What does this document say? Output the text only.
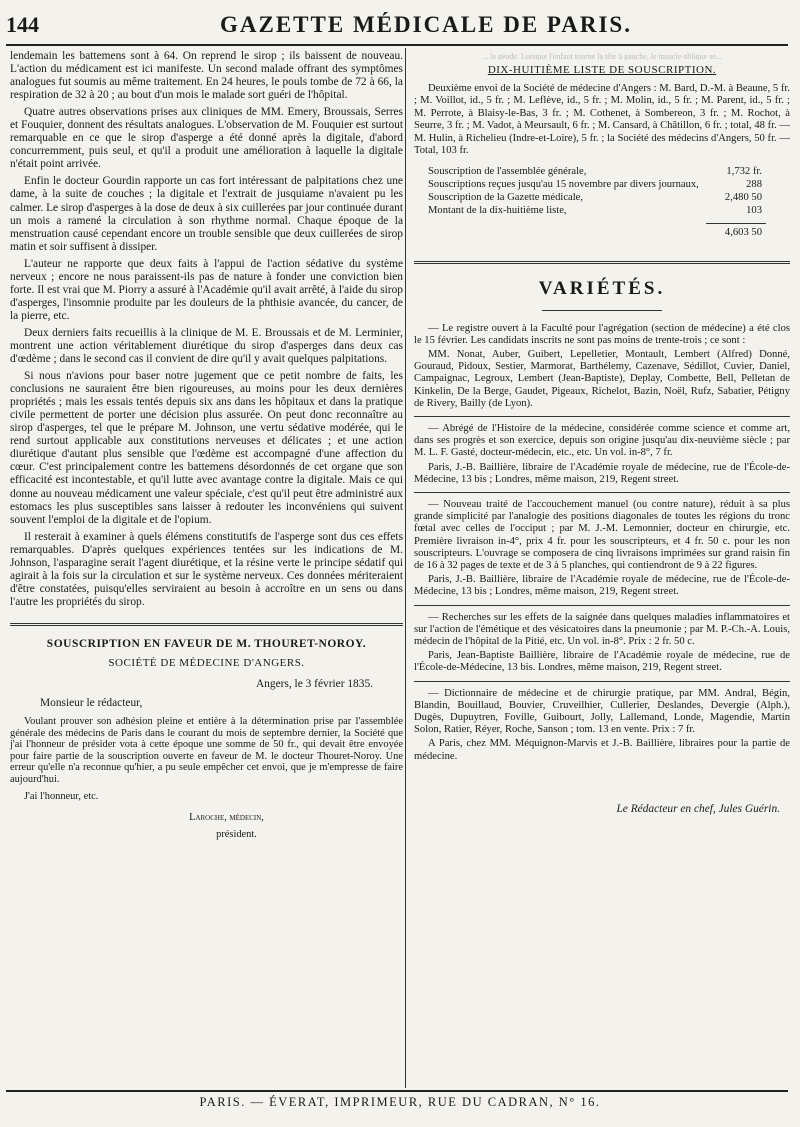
144	GAZETTE MÉDICALE DE PARIS.

lendemain les battemens sont à 64. On reprend le sirop ; ils baissent de nouveau. L'action du médicament est ici manifeste. Un second malade offrant des symptômes analogues fut soumis au même traitement. En 24 heures, le pouls tombe de 72 à 66, la respiration de 32 à 20 ; au bout d'un mois le malade sort guéri de l'hôpital.

Quatre autres observations prises aux cliniques de MM. Emery, Broussais, Serres et Fouquier, donnent des résultats analogues. L'observation de M. Fouquier est surtout remarquable en ce que le sirop d'asperge a été donné après la digitale, d'abord concurremment, puis seul, et qu'il a produit une amélioration à laquelle la digitale n'était point arrivée.

Enfin le docteur Gourdin rapporte un cas fort intéressant de palpitations chez une dame, à la suite de couches ; la digitale et l'extrait de jusquiame n'avaient pu les calmer. Le sirop d'asperges à la dose de deux à six cuillerées par jour continuée durant un mois a ramené la circulation à son rhythme normal. Chaque époque de la menstruation causé cependant encore un trouble sensible que deux cuillerées de sirop matin et soir suffisent à dissiper.

L'auteur ne rapporte que deux faits à l'appui de l'action sédative du système nerveux ; encore ne nous paraissent-ils pas de nature à fonder une conviction bien forte. Il est vrai que M. Piorry a assuré à l'Académie qu'il avait arrêté, à l'aide du sirop d'asperges, l'insomnie produite par les douleurs de la phthisie avancée, du cancer, de la pierre, etc.

Deux derniers faits recueillis à la clinique de M. E. Broussais et de M. Lerminier, montrent une action véritablement diurétique du sirop d'asperges dans deux cas d'œdème ; dans le second cas il convient de dire qu'il y avait quelques palpitations.

Si nous n'avions pour baser notre jugement que ce petit nombre de faits, les conclusions ne sauraient être bien rigoureuses, au moins pour les deux dernières propriétés ; mais les essais tentés depuis six ans dans les hôpitaux et dans la pratique civile permettent de porter une décision plus assurée. On peut donc reconnaître au sirop d'asperges, tel que le prépare M. Johnson, une vertu sédative modérée, qui le rend surtout applicable aux constitutions nerveuses et délicates ; et une action diurétique d'autant plus sensible que l'œdème est accompagné d'une affection du cœur. C'est principalement contre les battemens désordonnés de cet organe que son efficacité est incontestable, et qu'il lutte avec avantage contre la digitale. Mais ce qui donne au nouveau médicament une valeur spéciale, c'est qu'il peut être administré aux estomacs les plus susceptibles sans laisser à redouter les inconvéniens qui suivent souvent l'emploi de la digitale et de l'opium.

Il resterait à examiner à quels élémens constitutifs de l'asperge sont dus ces effets remarquables. D'après quelques expériences tentées sur les indications de M. Johnson, l'asparagine serait l'agent diurétique, et la résine verte le principe sédatif qui agirait à la fois sur la circulation et sur le système nerveux. Ces données mériteraient d'être constatées, puisqu'elles serviraient au besoin à accroître en un sens ou dans l'autre les propriétés du sirop.

SOUSCRIPTION EN FAVEUR DE M. THOURET-NOROY.

SOCIÉTÉ DE MÉDECINE D'ANGERS.

Angers, le 3 février 1835.

Monsieur le rédacteur,

Voulant prouver son adhésion pleine et entière à la détermination prise par l'assemblée générale des médecins de Paris dans le courant du mois de septembre dernier, la Société que j'ai l'honneur de présider vota à cette époque une somme de 50 fr., qui devait être envoyée pour faire partie de la souscription ouverte en faveur de M. le docteur Thouret-Noroy. Une erreur qu'elle n'a reconnue qu'hier, a pu seule empêcher cet envoi, que je m'empresse de faire aujourd'hui.

J'ai l'honneur, etc.

Laroche, médecin,

président.

... la géode. Lorsque l'enfant tourne la tête à gauche, le muscle oblique se...

DIX-HUITIÈME LISTE DE SOUSCRIPTION.

Deuxième envoi de la Société de médecine d'Angers : M. Bard, D.-M. à Beaune, 5 fr. ; M. Voillot, id., 5 fr. ; M. Leflève, id., 5 fr. ; M. Molin, id., 5 fr. ; M. Parent, id., 5 fr. ; M. Perrote, à Blaisy-le-Bas, 3 fr. ; M. Cothenet, à Sombereon, 3 fr. ; M. Rochot, à Seurre, 3 fr. ; M. Vadot, à Meursault, 6 fr. ; M. Cansard, à Châtillon, 6 fr. ; total, 48 fr. — M. Hulin, à Richelieu (Indre-et-Loire), 5 fr. ; la Société des médecins d'Angers, 50 fr. — Total, 103 fr.

Souscription de l'assemblée générale,	1,732 fr.
Souscriptions reçues jusqu'au 15 novembre par divers journaux,	288
Souscription de la Gazette médicale,	2,480 50
Montant de la dix-huitième liste,	103
4,603 50
VARIÉTÉS.

— Le registre ouvert à la Faculté pour l'agrégation (section de médecine) a été clos le 15 février. Les candidats inscrits ne sont pas moins de trente-trois ; ce sont :

MM. Nonat, Auber, Guibert, Lepelletier, Montault, Lembert (Alfred) Donné, Gouraud, Pidoux, Sestier, Marmorat, Barthélemy, Cazenave, Sédillot, Cuvier, Daniel, Campaignac, Legroux, Lembert (Jean-Baptiste), Deplay, Combette, Bell, Pelletan de Kinkelin, De la Berge, Gaudet, Pigeaux, Richelot, Bazin, Noël, Rufz, Sabatier, Pétigny de Rivery, Bailly (de Lyon).

— Abrégé de l'Histoire de la médecine, considérée comme science et comme art, dans ses progrès et son exercice, depuis son origine jusqu'au dix-neuvième siècle ; par M. L. F. Gasté, docteur-médecin, etc., etc. Un vol. in-8°, 7 fr.

Paris, J.-B. Baillière, libraire de l'Académie royale de médecine, rue de l'École-de-Médecine, 13 bis ; Londres, même maison, 219, Regent street.

— Nouveau traité de l'accouchement manuel (ou contre nature), réduit à sa plus grande simplicité par l'analogie des positions diagonales de toutes les régions du tronc fœtal avec celles de l'occiput ; par M. J.-M. Lemonnier, docteur en chirurgie, etc. Première livraison in-4°, prix 4 fr. pour les souscripteurs, et 4 fr. 50 c. pour les non souscripteurs. L'ouvrage se composera de cinq livraisons imprimées sur grand raisin fin de 16 à 32 pages de texte et de 3 à 5 planches, qui contiendront de 9 à 22 figures.

Paris, J.-B. Baillière, libraire de l'Académie royale de médecine, rue de l'École-de-Médecine, 13 bis ; Londres, même maison, 219, Regent street.

— Recherches sur les effets de la saignée dans quelques maladies inflammatoires et sur l'action de l'émétique et des vésicatoires dans la pneumonie ; par M. P.-Ch.-A. Louis, médecin de l'hôpital de la Pitié, etc. Un vol. in-8°. Prix : 2 fr. 50 c.

Paris, Jean-Baptiste Baillière, libraire de l'Académie royale de médecine, rue de l'École-de-Médecine, 13 bis. Londres, même maison, 219, Regent street.

— Dictionnaire de médecine et de chirurgie pratique, par MM. Andral, Bégin, Blandin, Bouillaud, Bouvier, Cruveilhier, Cullerier, Deslandes, Devergie (Alph.), Dugès, Dupuytren, Foville, Guibourt, Jolly, Lallemand, Londe, Magendie, Martin Solon, Ratier, Réyer, Roche, Sanson ; tom. 13 en vente. Prix : 7 fr.

A Paris, chez MM. Méquignon-Marvis et J.-B. Baillière, libraires pour la partie de médecine.

Le Rédacteur en chef, Jules Guérin.
PARIS. — ÉVERAT, IMPRIMEUR, RUE DU CADRAN, N° 16.
